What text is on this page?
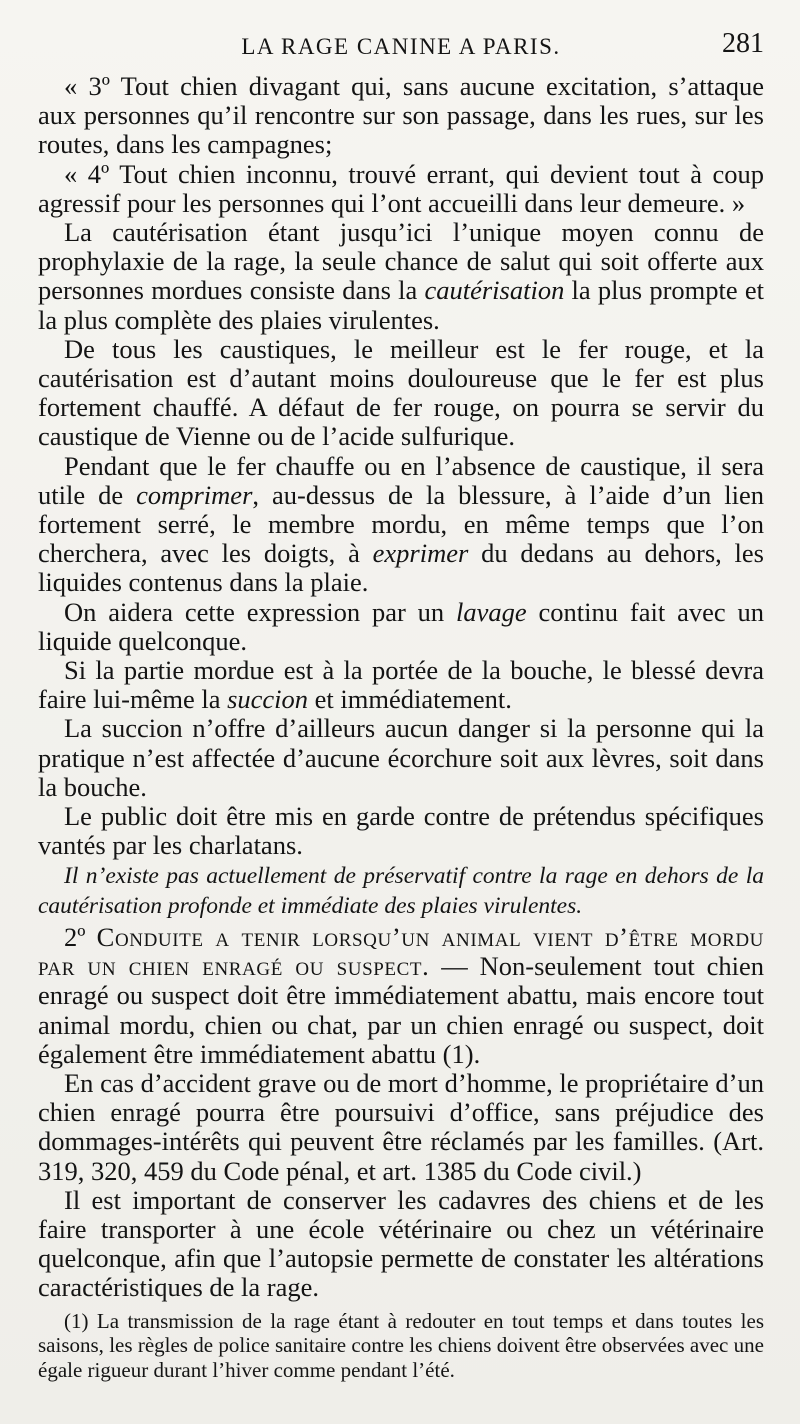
LA RAGE CANINE A PARIS.	281

« 3º Tout chien divagant qui, sans aucune excitation, s’attaque aux personnes qu’il rencontre sur son passage, dans les rues, sur les routes, dans les campagnes;

« 4º Tout chien inconnu, trouvé errant, qui devient tout à coup agressif pour les personnes qui l’ont accueilli dans leur demeure. »

La cautérisation étant jusqu’ici l’unique moyen connu de prophylaxie de la rage, la seule chance de salut qui soit offerte aux personnes mordues consiste dans la cautérisation la plus prompte et la plus complète des plaies virulentes.

De tous les caustiques, le meilleur est le fer rouge, et la cautérisation est d’autant moins douloureuse que le fer est plus fortement chauffé. A défaut de fer rouge, on pourra se servir du caustique de Vienne ou de l’acide sulfurique.

Pendant que le fer chauffe ou en l’absence de caustique, il sera utile de comprimer, au-dessus de la blessure, à l’aide d’un lien fortement serré, le membre mordu, en même temps que l’on cherchera, avec les doigts, à exprimer du dedans au dehors, les liquides contenus dans la plaie.

On aidera cette expression par un lavage continu fait avec un liquide quelconque.

Si la partie mordue est à la portée de la bouche, le blessé devra faire lui-même la succion et immédiatement.

La succion n’offre d’ailleurs aucun danger si la personne qui la pratique n’est affectée d’aucune écorchure soit aux lèvres, soit dans la bouche.

Le public doit être mis en garde contre de prétendus spécifiques vantés par les charlatans.

Il n’existe pas actuellement de préservatif contre la rage en dehors de la cautérisation profonde et immédiate des plaies virulentes.

2º Conduite a tenir lorsqu’un animal vient d’être mordu par un chien enragé ou suspect. — Non-seulement tout chien enragé ou suspect doit être immédiatement abattu, mais encore tout animal mordu, chien ou chat, par un chien enragé ou suspect, doit également être immédiatement abattu (1).

En cas d’accident grave ou de mort d’homme, le propriétaire d’un chien enragé pourra être poursuivi d’office, sans préjudice des dommages-intérêts qui peuvent être réclamés par les familles. (Art. 319, 320, 459 du Code pénal, et art. 1385 du Code civil.)

Il est important de conserver les cadavres des chiens et de les faire transporter à une école vétérinaire ou chez un vétérinaire quelconque, afin que l’autopsie permette de constater les altérations caractéristiques de la rage.

(1) La transmission de la rage étant à redouter en tout temps et dans toutes les saisons, les règles de police sanitaire contre les chiens doivent être observées avec une égale rigueur durant l’hiver comme pendant l’été.
